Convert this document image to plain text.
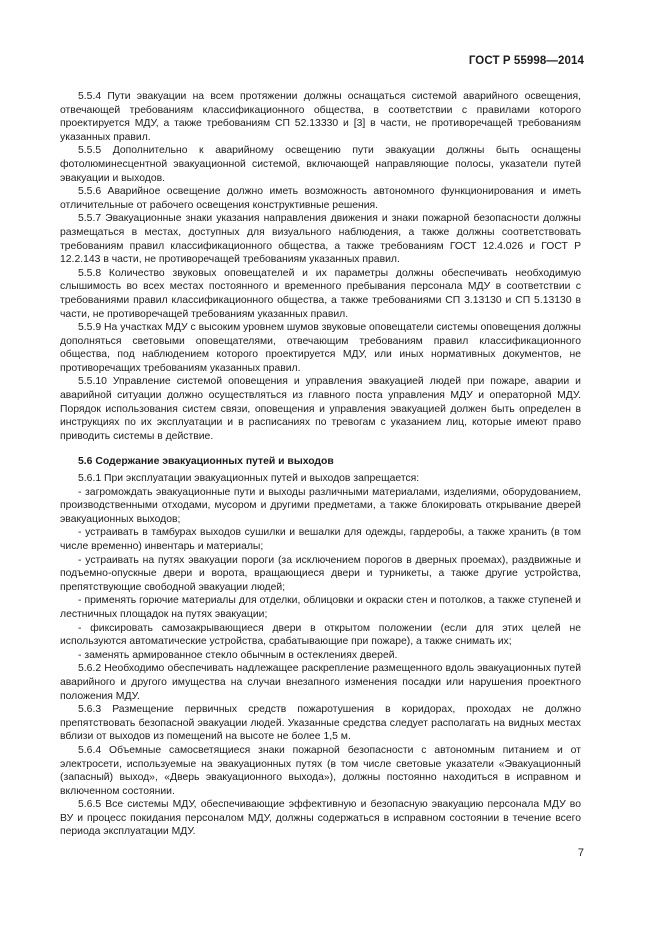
ГОСТ Р 55998—2014

5.5.4 Пути эвакуации на всем протяжении должны оснащаться системой аварийного освещения, отвечающей требованиям классификационного общества, в соответствии с правилами которого проектируется МДУ, а также требованиям СП 52.13330 и [3] в части, не противоречащей требованиям указанных правил.

5.5.5 Дополнительно к аварийному освещению пути эвакуации должны быть оснащены фотолюминесцентной эвакуационной системой, включающей направляющие полосы, указатели путей эвакуации и выходов.

5.5.6 Аварийное освещение должно иметь возможность автономного функционирования и иметь отличительные от рабочего освещения конструктивные решения.

5.5.7 Эвакуационные знаки указания направления движения и знаки пожарной безопасности должны размещаться в местах, доступных для визуального наблюдения, а также должны соответствовать требованиям правил классификационного общества, а также требованиям ГОСТ 12.4.026 и ГОСТ Р 12.2.143 в части, не противоречащей требованиям указанных правил.

5.5.8 Количество звуковых оповещателей и их параметры должны обеспечивать необходимую слышимость во всех местах постоянного и временного пребывания персонала МДУ в соответствии с требованиями правил классификационного общества, а также требованиями СП 3.13130 и СП 5.13130 в части, не противоречащей требованиям указанных правил.

5.5.9 На участках МДУ с высоким уровнем шумов звуковые оповещатели системы оповещения должны дополняться световыми оповещателями, отвечающим требованиям правил классификационного общества, под наблюдением которого проектируется МДУ, или иных нормативных документов, не противоречащих требованиям указанных правил.

5.5.10 Управление системой оповещения и управления эвакуацией людей при пожаре, аварии и аварийной ситуации должно осуществляться из главного поста управления МДУ и операторной МДУ. Порядок использования систем связи, оповещения и управления эвакуацией должен быть определен в инструкциях по их эксплуатации и в расписаниях по тревогам с указанием лиц, которые имеют право приводить системы в действие.

5.6 Содержание эвакуационных путей и выходов

5.6.1 При эксплуатации эвакуационных путей и выходов запрещается:

- загромождать эвакуационные пути и выходы различными материалами, изделиями, оборудованием, производственными отходами, мусором и другими предметами, а также блокировать открывание дверей эвакуационных выходов;

- устраивать в тамбурах выходов сушилки и вешалки для одежды, гардеробы, а также хранить (в том числе временно) инвентарь и материалы;

- устраивать на путях эвакуации пороги (за исключением порогов в дверных проемах), раздвижные и подъемно-опускные двери и ворота, вращающиеся двери и турникеты, а также другие устройства, препятствующие свободной эвакуации людей;

- применять горючие материалы для отделки, облицовки и окраски стен и потолков, а также ступеней и лестничных площадок на путях эвакуации;

- фиксировать самозакрывающиеся двери в открытом положении (если для этих целей не используются автоматические устройства, срабатывающие при пожаре), а также снимать их;

- заменять армированное стекло обычным в остеклениях дверей.

5.6.2 Необходимо обеспечивать надлежащее раскрепление размещенного вдоль эвакуационных путей аварийного и другого имущества на случаи внезапного изменения посадки или нарушения проектного положения МДУ.

5.6.3 Размещение первичных средств пожаротушения в коридорах, проходах не должно препятствовать безопасной эвакуации людей. Указанные средства следует располагать на видных местах вблизи от выходов из помещений на высоте не более 1,5 м.

5.6.4 Объемные самосветящиеся знаки пожарной безопасности с автономным питанием и от электросети, используемые на эвакуационных путях (в том числе световые указатели «Эвакуационный (запасный) выход», «Дверь эвакуационного выхода»), должны постоянно находиться в исправном и включенном состоянии.

5.6.5 Все системы МДУ, обеспечивающие эффективную и безопасную эвакуацию персонала МДУ во ВУ и процесс покидания персоналом МДУ, должны содержаться в исправном состоянии в течение всего периода эксплуатации МДУ.

7
